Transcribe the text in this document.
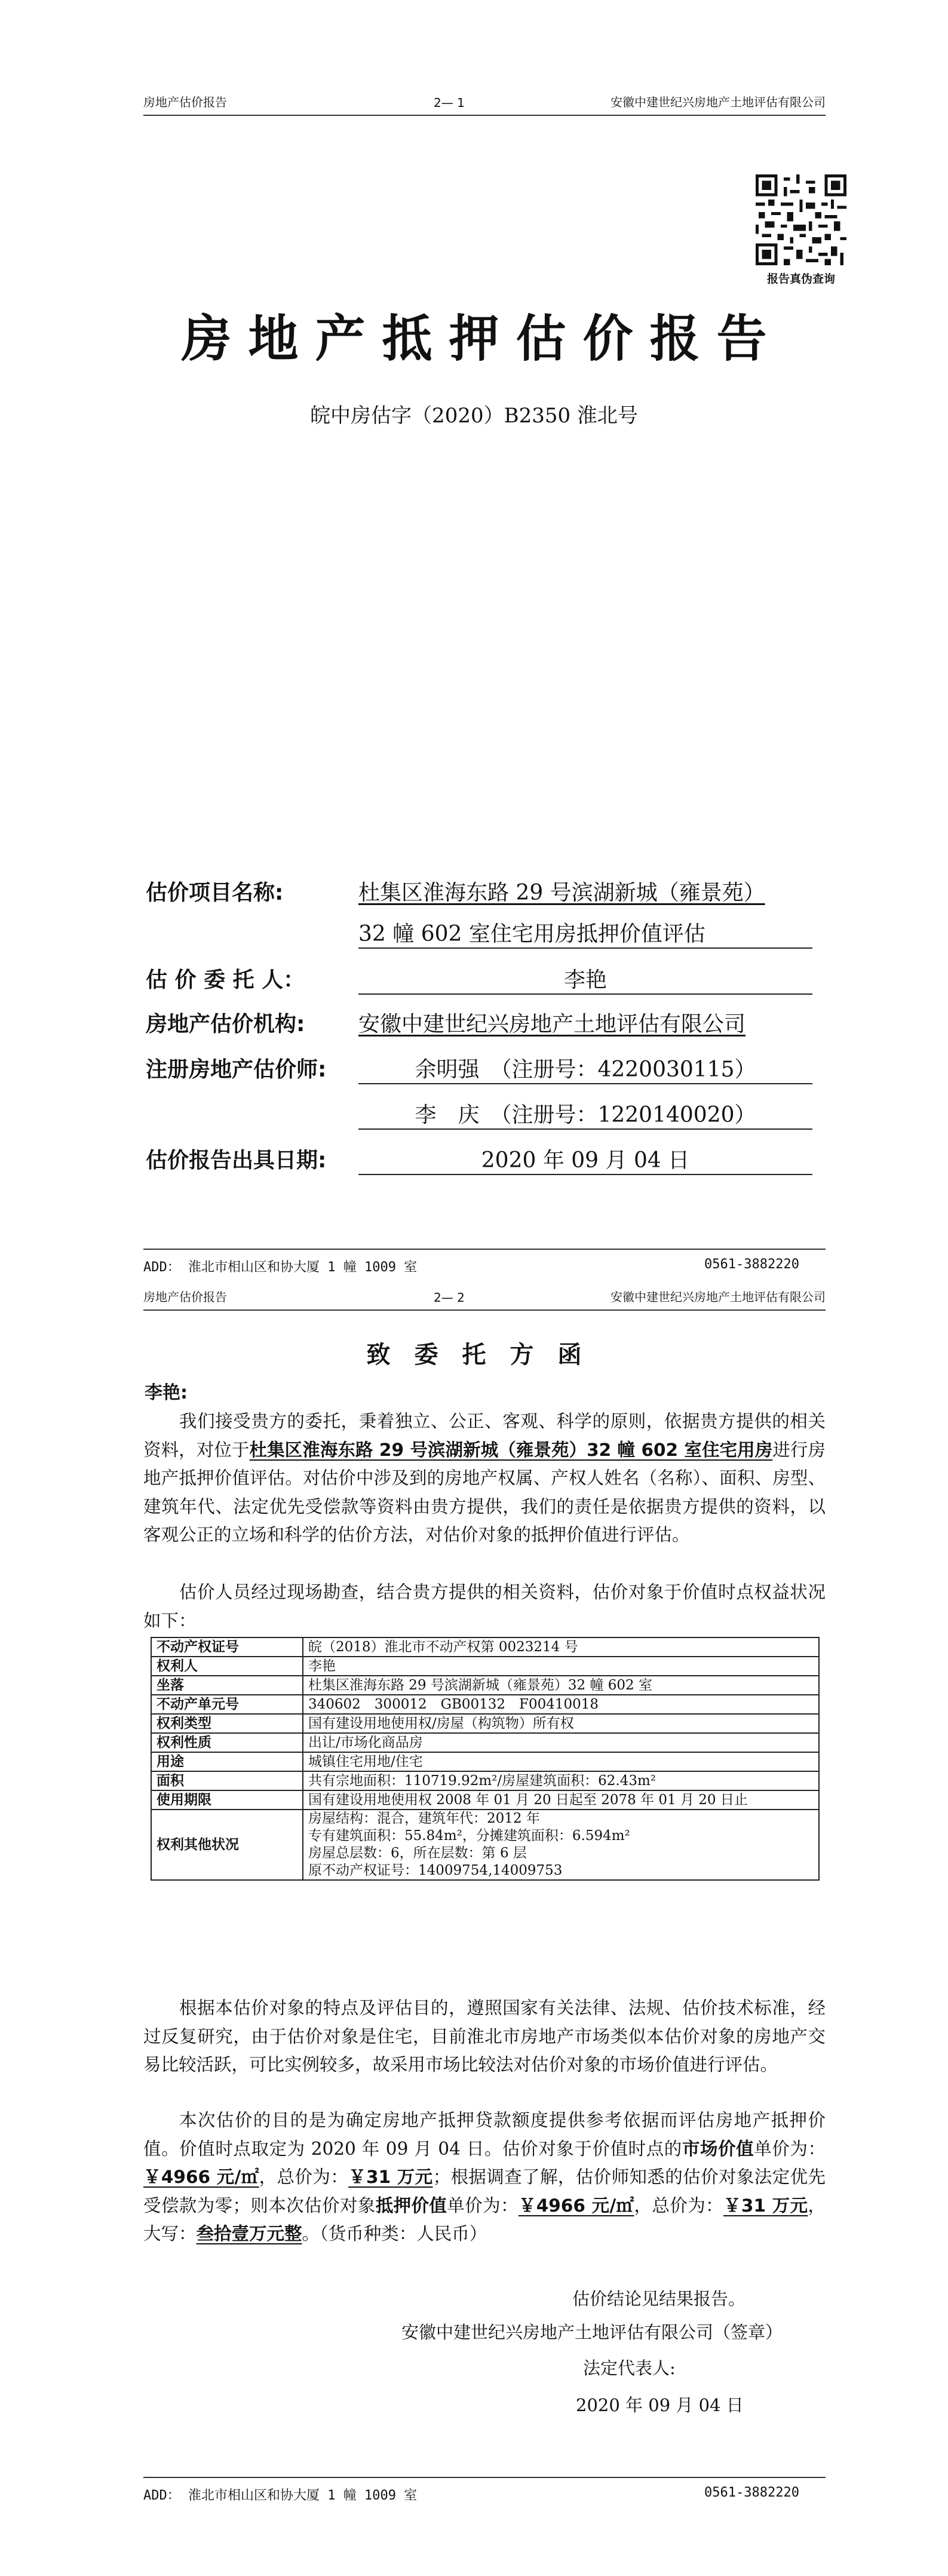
房地产估价报告	2— 1	安徽中建世纪兴房地产土地评估有限公司
报告真伪查询
房地产抵押估价报告
皖中房估字（2020）B2350 淮北号
估价项目名称:	杜集区淮海东路 29 号滨湖新城（雍景苑）
32 幢 602 室住宅用房抵押价值评估
估 价 委 托 人：	李艳
房地产估价机构: 安徽中建世纪兴房地产土地评估有限公司
注册房地产估价师:	余明强　（注册号：4220030115）
李　庆　（注册号：1220140020）
估价报告出具日期:	2020 年 09 月 04 日
ADD： 淮北市相山区和协大厦 1 幢 1009 室	0561-3882220
房地产估价报告	2— 2	安徽中建世纪兴房地产土地评估有限公司
致委托方函
李艳:
我们接受贵方的委托，秉着独立、公正、客观、科学的原则，依据贵方提供的相关资料，对位于杜集区淮海东路 29 号滨湖新城（雍景苑）32 幢 602 室住宅用房进行房地产抵押价值评估。对估价中涉及到的房地产权属、产权人姓名（名称）、面积、房型、建筑年代、法定优先受偿款等资料由贵方提供，我们的责任是依据贵方提供的资料，以客观公正的立场和科学的估价方法，对估价对象的抵押价值进行评估。
估价人员经过现场勘查，结合贵方提供的相关资料，估价对象于价值时点权益状况如下：
不动产权证号	皖（2018）淮北市不动产权第 0023214 号

权利人	李艳

坐落	杜集区淮海东路 29 号滨湖新城（雍景苑）32 幢 602 室

不动产单元号	340602　300012　GB00132　F00410018

权利类型	国有建设用地使用权/房屋（构筑物）所有权

权利性质	出让/市场化商品房

用途	城镇住宅用地/住宅

面积	共有宗地面积：110719.92m²/房屋建筑面积：62.43m²

使用期限	国有建设用地使用权 2008 年 01 月 20 日起至 2078 年 01 月 20 日止

权利其他状况	房屋结构：混合，建筑年代：2012 年
专有建筑面积：55.84m²，分摊建筑面积：6.594m²
房屋总层数：6，所在层数：第 6 层
原不动产权证号：14009754,14009753
根据本估价对象的特点及评估目的，遵照国家有关法律、法规、估价技术标准，经过反复研究，由于估价对象是住宅，目前淮北市房地产市场类似本估价对象的房地产交易比较活跃，可比实例较多，故采用市场比较法对估价对象的市场价值进行评估。
本次估价的目的是为确定房地产抵押贷款额度提供参考依据而评估房地产抵押价值。价值时点取定为 2020 年 09 月 04 日。估价对象于价值时点的市场价值单价为：￥4966 元/㎡，总价为：￥31 万元；根据调查了解，估价师知悉的估价对象法定优先受偿款为零；则本次估价对象抵押价值单价为：￥4966 元/㎡，总价为：￥31 万元，大写：叁拾壹万元整。（货币种类：人民币）
估价结论见结果报告。
安徽中建世纪兴房地产土地评估有限公司（签章）
法定代表人:
2020 年 09 月 04 日
ADD： 淮北市相山区和协大厦 1 幢 1009 室	0561-3882220
